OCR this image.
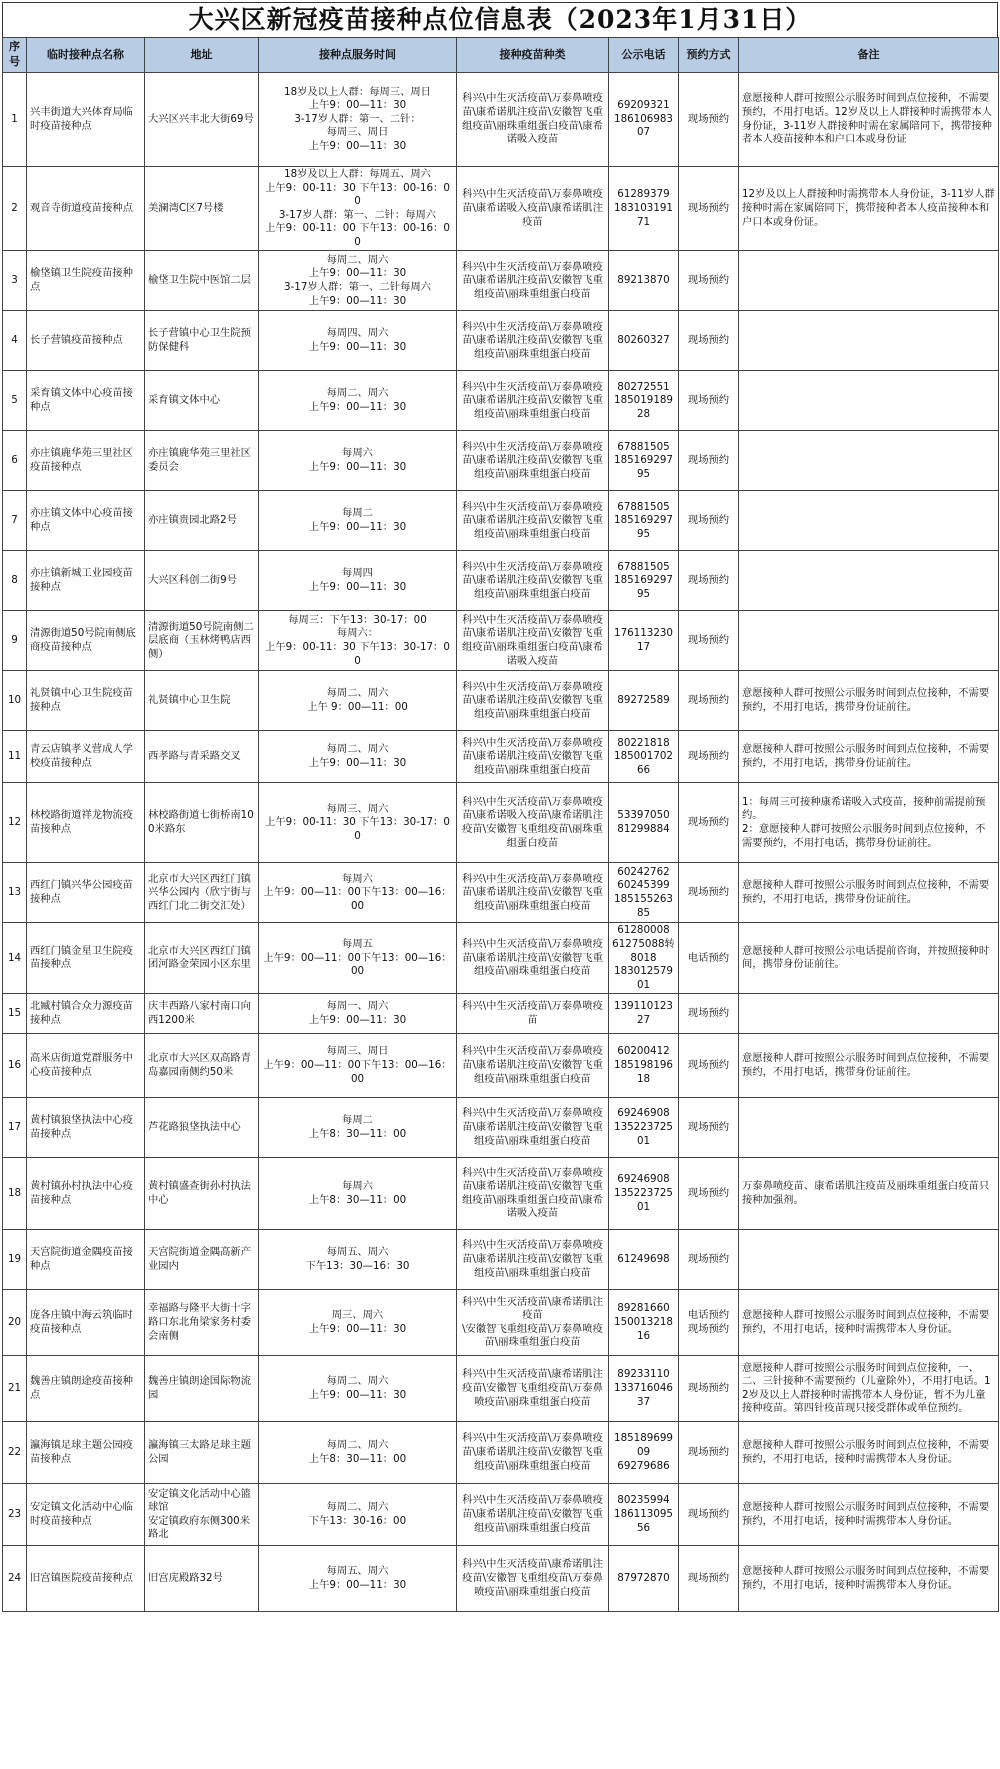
大兴区新冠疫苗接种点位信息表（2023年1月31日）
序号	临时接种点名称	地址	接种点服务时间	接种疫苗种类	公示电话	预约方式	备注
1	兴丰街道大兴体育局临时疫苗接种点	大兴区兴丰北大街69号	18岁及以上人群：每周三、周日
上午9：00—11：30
3-17岁人群：第一、二针：
每周三、周日
上午9：00—11：30	科兴\中生灭活疫苗\万泰鼻喷疫苗\康希诺肌注疫苗\安徽智飞重组疫苗\丽珠重组蛋白疫苗\康希诺吸入疫苗	69209321
18610698307	现场预约	意愿接种人群可按照公示服务时间到点位接种，不需要预约，不用打电话。12岁及以上人群接种时需携带本人身份证，3-11岁人群接种时需在家属陪同下，携带接种者本人疫苗接种本和户口本或身份证
2	观音寺街道疫苗接种点	美澜湾C区7号楼	18岁及以上人群：每周五、周六
上午9：00-11：30 下午13：00-16：00
3-17岁人群：第一、二针：每周六
上午9：00-11：00 下午13：00-16：00	科兴\中生灭活疫苗\万泰鼻喷疫苗\康希诺吸入疫苗\康希诺肌注疫苗	61289379
18310319171	现场预约	12岁及以上人群接种时需携带本人身份证，3-11岁人群接种时需在家属陪同下，携带接种者本人疫苗接种本和户口本或身份证。
3	榆垡镇卫生院疫苗接种点	榆垡卫生院中医馆二层	每周二、周六
上午9：00—11：30
3-17岁人群：第一、二针每周六
上午9：00—11：30	科兴\中生灭活疫苗\万泰鼻喷疫苗\康希诺肌注疫苗\安徽智飞重组疫苗\丽珠重组蛋白疫苗	89213870	现场预约	
4	长子营镇疫苗接种点	长子营镇中心卫生院预防保健科	每周四、周六
上午9：00—11：30	科兴\中生灭活疫苗\万泰鼻喷疫苗\康希诺肌注疫苗\安徽智飞重组疫苗\丽珠重组蛋白疫苗	80260327	现场预约	
5	采育镇文体中心疫苗接种点	采育镇文体中心	每周二、周六
上午9：00—11：30	科兴\中生灭活疫苗\万泰鼻喷疫苗\康希诺肌注疫苗\安徽智飞重组疫苗\丽珠重组蛋白疫苗	80272551
18501918928	现场预约	
6	亦庄镇鹿华苑三里社区
疫苗接种点	亦庄镇鹿华苑三里社区委员会	每周六
上午9：00—11：30	科兴\中生灭活疫苗\万泰鼻喷疫苗\康希诺肌注疫苗\安徽智飞重组疫苗\丽珠重组蛋白疫苗	67881505
18516929795	现场预约	
7	亦庄镇文体中心疫苗接种点	亦庄镇贵园北路2号	每周二
上午9：00—11：30	科兴\中生灭活疫苗\万泰鼻喷疫苗\康希诺肌注疫苗\安徽智飞重组疫苗\丽珠重组蛋白疫苗	67881505
18516929795	现场预约	
8	亦庄镇新城工业园疫苗接种点	大兴区科创二街9号	每周四
上午9：00—11：30	科兴\中生灭活疫苗\万泰鼻喷疫苗\康希诺肌注疫苗\安徽智飞重组疫苗\丽珠重组蛋白疫苗	67881505
18516929795	现场预约	
9	清源街道50号院南侧底商疫苗接种点	清源街道50号院南侧二层底商（玉林烤鸭店西侧）	每周三：下午13：30-17：00
每周六：
上午9：00-11：30 下午13：30-17：00	科兴\中生灭活疫苗\万泰鼻喷疫苗\康希诺肌注疫苗\安徽智飞重组疫苗\丽珠重组蛋白疫苗\康希诺吸入疫苗	17611323017	现场预约	
10	礼贤镇中心卫生院疫苗接种点	礼贤镇中心卫生院	每周二、周六
上午 9：00—11：00	科兴\中生灭活疫苗\万泰鼻喷疫苗\康希诺肌注疫苗\安徽智飞重组疫苗\丽珠重组蛋白疫苗	89272589	现场预约	意愿接种人群可按照公示服务时间到点位接种，不需要预约，不用打电话，携带身份证前往。
11	青云店镇孝义营成人学校疫苗接种点	西孝路与青采路交叉	每周二、周六
上午9：00—11：30	科兴\中生灭活疫苗\万泰鼻喷疫苗\康希诺肌注疫苗\安徽智飞重组疫苗\丽珠重组蛋白疫苗	80221818
18500170266	现场预约	意愿接种人群可按照公示服务时间到点位接种，不需要预约，不用打电话，携带身份证前往。
12	林校路街道祥龙物流疫苗接种点	林校路街道七街桥南100米路东	每周三、周六
上午9：00-11：30 下午13：30-17：00	科兴\中生灭活疫苗\万泰鼻喷疫苗\康希诺吸入疫苗\康希诺肌注疫苗\安徽智飞重组疫苗\丽珠重组蛋白疫苗	53397050
81299884	现场预约	1：每周三可接种康希诺吸入式疫苗，接种前需提前预约。
2：意愿接种人群可按照公示服务时间到点位接种，不需要预约，不用打电话，携带身份证前往。
13	西红门镇兴华公园疫苗接种点	北京市大兴区西红门镇兴华公园内（欣宁街与西红门北二街交汇处）	每周六
上午9：00—11：00下午13：00—16：00	科兴\中生灭活疫苗\万泰鼻喷疫苗\康希诺肌注疫苗\安徽智飞重组疫苗\丽珠重组蛋白疫苗	60242762
60245399
18515526385	现场预约	意愿接种人群可按照公示服务时间到点位接种，不需要预约，不用打电话，携带身份证前往。
14	西红门镇金星卫生院疫苗接种点	北京市大兴区西红门镇团河路金荣园小区东里	每周五
上午9：00—11：00下午13：00—16：00	科兴\中生灭活疫苗\万泰鼻喷疫苗\康希诺肌注疫苗\安徽智飞重组疫苗\丽珠重组蛋白疫苗	61280008
61275088转8018
18301257901	电话预约	意愿接种人群可按照公示电话提前咨询，并按照接种时间，携带身份证前往。
15	北臧村镇合众力源疫苗接种点	庆丰西路八家村南口向西1200米	每周一、周六
上午9：00—11：30	科兴\中生灭活疫苗\万泰鼻喷疫苗	13911012327	现场预约	
16	高米店街道党群服务中心疫苗接种点	北京市大兴区双高路青岛嘉园南侧约50米	每周三、周日
上午9：00—11：00下午13：00—16：00	科兴\中生灭活疫苗\万泰鼻喷疫苗\康希诺肌注疫苗\安徽智飞重组疫苗\丽珠重组蛋白疫苗	60200412
18519819618	现场预约	意愿接种人群可按照公示服务时间到点位接种，不需要预约，不用打电话，携带身份证前往。
17	黄村镇狼垡执法中心疫苗接种点	芦花路狼垡执法中心	每周二
上午8：30—11：00	科兴\中生灭活疫苗\万泰鼻喷疫苗\康希诺肌注疫苗\安徽智飞重组疫苗\丽珠重组蛋白疫苗	69246908
13522372501	现场预约	
18	黄村镇孙村执法中心疫苗接种点	黄村镇盛查街孙村执法中心	每周六
上午8：30—11：00	科兴\中生灭活疫苗\万泰鼻喷疫苗\康希诺肌注疫苗\安徽智飞重组疫苗\丽珠重组蛋白疫苗\康希诺吸入疫苗	69246908
13522372501	现场预约	万泰鼻喷疫苗、康希诺肌注疫苗及丽珠重组蛋白疫苗只接种加强剂。
19	天宫院街道金隅疫苗接种点	天宫院街道金隅高新产业园内	每周五、周六
下午13：30—16：30	科兴\中生灭活疫苗\万泰鼻喷疫苗\康希诺肌注疫苗\安徽智飞重组疫苗\丽珠重组蛋白疫苗	61249698	现场预约	
20	庞各庄镇中海云筑临时疫苗接种点	幸福路与隆平大街十字路口东北角梁家务村委会南侧	周三、周六
上午9：00—11：30	科兴\中生灭活疫苗\康希诺肌注疫苗
\安徽智飞重组疫苗\万泰鼻喷疫苗\丽珠重组蛋白疫苗	89281660
15001321816	电话预约
现场预约	意愿接种人群可按照公示服务时间到点位接种，不需要预约，不用打电话，接种时需携带本人身份证。
21	魏善庄镇朗途疫苗接种点	魏善庄镇朗途国际物流园	每周二、周六
上午9：00—11：30	科兴\中生灭活疫苗\康希诺肌注疫苗\安徽智飞重组疫苗\万泰鼻喷疫苗\丽珠重组蛋白疫苗	89233110
13371604637	现场预约	意愿接种人群可按照公示服务时间到点位接种，一、二、三针接种不需要预约（儿童除外），不用打电话。12岁及以上人群接种时需携带本人身份证，暂不为儿童接种疫苗。第四针疫苗现只接受群体或单位预约。
22	瀛海镇足球主题公园疫苗接种点	瀛海镇三太路足球主题公园	每周二、周六
上午8：30—11：00	科兴\中生灭活疫苗\万泰鼻喷疫苗\康希诺肌注疫苗\安徽智飞重组疫苗\丽珠重组蛋白疫苗	18518969909
69279686	现场预约	意愿接种人群可按照公示服务时间到点位接种，不需要预约，不用打电话，接种时需携带本人身份证。
23	安定镇文化活动中心临时疫苗接种点	安定镇文化活动中心篮球馆
安定镇政府东侧300米路北	每周二、周六
下午13：30-16：00	科兴\中生灭活疫苗\万泰鼻喷疫苗\康希诺肌注疫苗\安徽智飞重组疫苗\丽珠重组蛋白疫苗	80235994
18611309556	现场预约	意愿接种人群可按照公示服务时间到点位接种，不需要预约，不用打电话，接种时需携带本人身份证。
24	旧宫镇医院疫苗接种点	旧宫庑殿路32号	每周五、周六
上午9：00—11：30	科兴\中生灭活疫苗\康希诺肌注疫苗\安徽智飞重组疫苗\万泰鼻喷疫苗\丽珠重组蛋白疫苗	87972870	现场预约	意愿接种人群可按照公示服务时间到点位接种，不需要预约，不用打电话，接种时需携带本人身份证。
